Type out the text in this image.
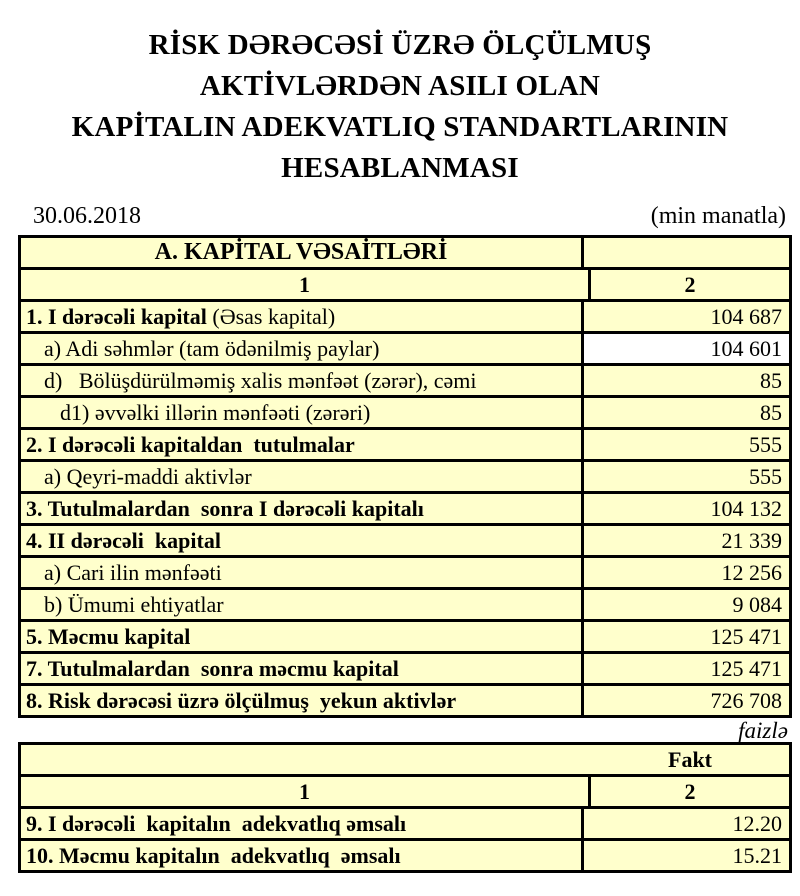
RİSK DƏRƏCƏSİ ÜZRƏ ÖLÇÜLMUŞ
AKTİVLƏRDƏN ASILI OLAN
KAPİTALIN ADEKVATLIQ STANDARTLARININ
HESABLANMASI
30.06.2018	(min manatla)
A. KAPİTAL VƏSAİTLƏRİ
1	2
1. I dərəcəli kapital (Əsas kapital)	104 687
a) Adi səhmlər (tam ödənilmiş paylar)	104 601
d)   Bölüşdürülməmiş xalis mənfəət (zərər), cəmi	85
d1) əvvəlki illərin mənfəəti (zərəri)	85
2. I dərəcəli kapitaldan  tutulmalar	555
a) Qeyri-maddi aktivlər	555
3. Tutulmalardan  sonra I dərəcəli kapitalı	104 132
4. II dərəcəli  kapital	21 339
a) Cari ilin mənfəəti	12 256
b) Ümumi ehtiyatlar	9 084
5. Məcmu kapital	125 471
7. Tutulmalardan  sonra məcmu kapital	125 471
8. Risk dərəcəsi üzrə ölçülmuş  yekun aktivlər	726 708
faizlə
Fakt
1	2
9. I dərəcəli  kapitalın  adekvatlıq əmsalı	12.20
10. Məcmu kapitalın  adekvatlıq  əmsalı	15.21
